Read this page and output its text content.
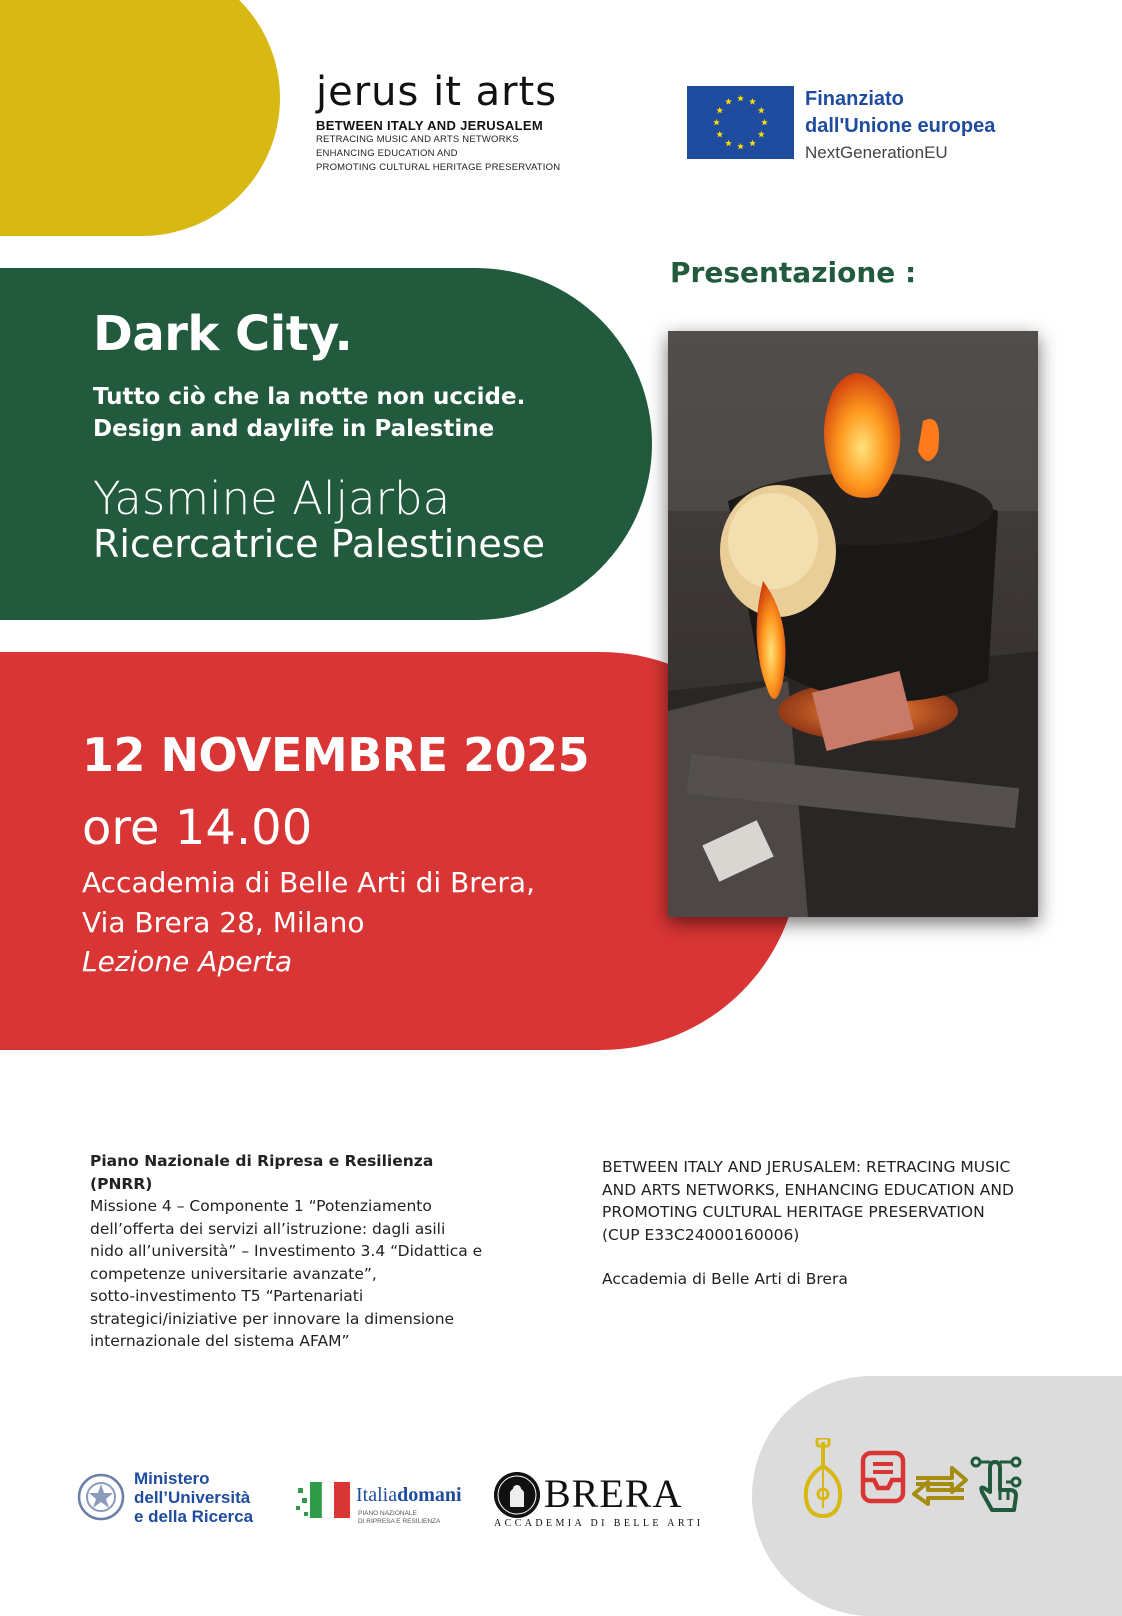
jerus it arts
BETWEEN ITALY AND JERUSALEM
RETRACING MUSIC AND ARTS NETWORKS
ENHANCING EDUCATION AND
PROMOTING CULTURAL HERITAGE PRESERVATION
Finanziato
dall'Unione europea
NextGenerationEU
Presentazione :
Dark City.
Tutto ciò che la notte non uccide.
Design and daylife in Palestine
Yasmine Aljarba
Ricercatrice Palestinese
12 NOVEMBRE 2025
ore 14.00
Accademia di Belle Arti di Brera,
Via Brera 28, Milano
Lezione Aperta
Piano Nazionale di Ripresa e Resilienza (PNRR)
Missione 4 – Componente 1 “Potenziamento
dell’offerta dei servizi all’istruzione: dagli asili
nido all’università” – Investimento 3.4 “Didattica e
competenze universitarie avanzate”,
sotto-investimento T5 “Partenariati
strategici/iniziative per innovare la dimensione
internazionale del sistema AFAM”
BETWEEN ITALY AND JERUSALEM: RETRACING MUSIC
AND ARTS NETWORKS, ENHANCING EDUCATION AND
PROMOTING CULTURAL HERITAGE PRESERVATION
(CUP E33C24000160006)
Accademia di Belle Arti di Brera
Ministero
dell’Università
e della Ricerca
Italiadomani
PIANO NAZIONALE
DI RIPRESA E RESILIENZA
BRERA
ACCADEMIA DI BELLE ARTI
